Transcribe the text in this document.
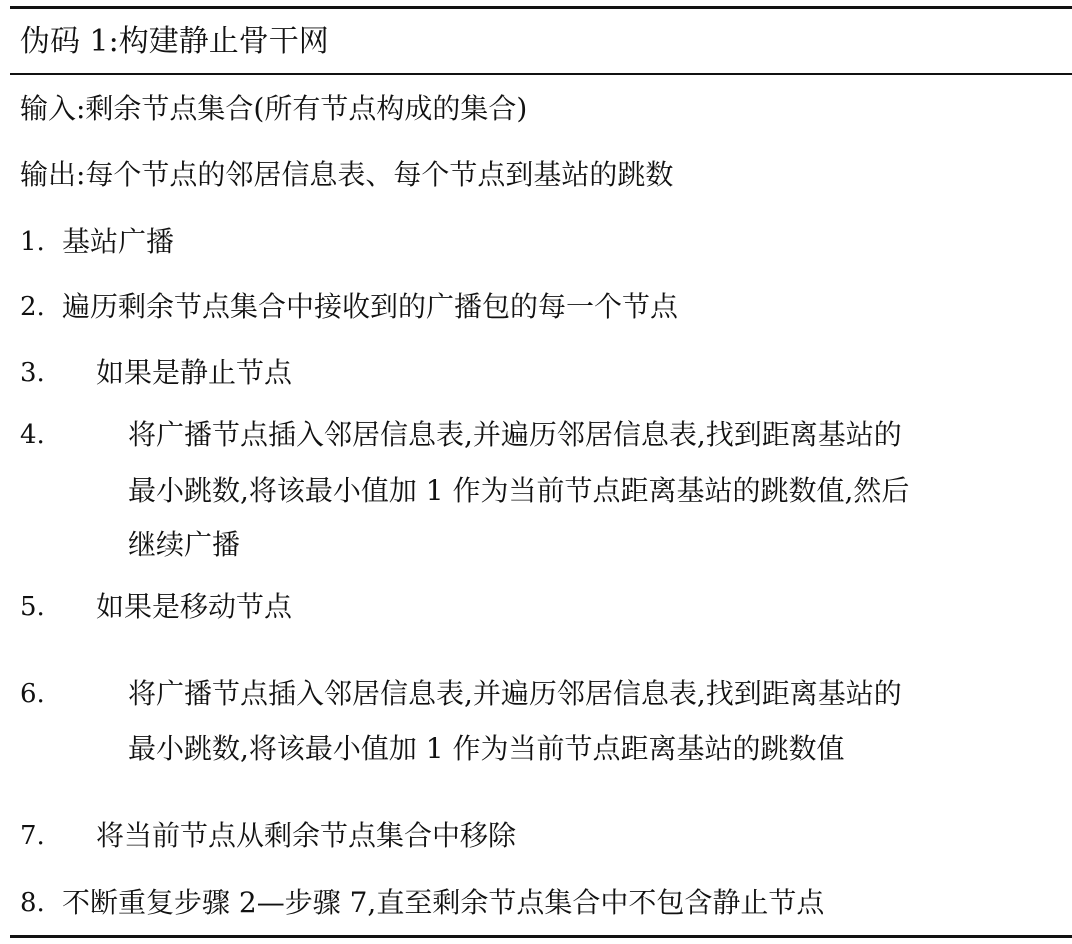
伪码 1:构建静止骨干网
输入:剩余节点集合(所有节点构成的集合)
输出:每个节点的邻居信息表、每个节点到基站的跳数
1. 基站广播
2. 遍历剩余节点集合中接收到的广播包的每一个节点
3. 如果是静止节点
4.	将广播节点插入邻居信息表,并遍历邻居信息表,找到距离基站的
最小跳数,将该最小值加 1 作为当前节点距离基站的跳数值,然后
继续广播
5. 如果是移动节点
6.	将广播节点插入邻居信息表,并遍历邻居信息表,找到距离基站的
最小跳数,将该最小值加 1 作为当前节点距离基站的跳数值
7. 将当前节点从剩余节点集合中移除
8. 不断重复步骤 2—步骤 7,直至剩余节点集合中不包含静止节点
